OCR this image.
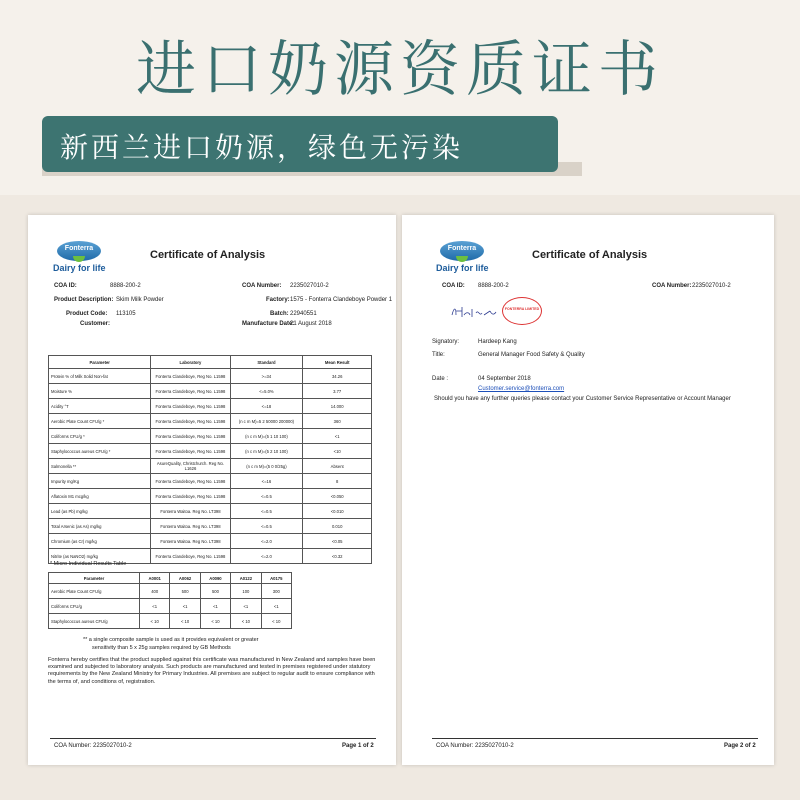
进口奶源资质证书
新西兰进口奶源，绿色无污染
Fonterra
Dairy for life
Certificate of Analysis
COA ID:	8888-200-2	COA Number: 2235027010-2
Product Description: Skim Milk Powder	Factory: 1575 - Fonterra Clandeboye Powder 1
Product Code: 113105	Batch: 22940551
Customer:	Manufacture Date:
21 August 2018
Parameter	Laboratory	Standard	Mean Result
Protein % of Milk Solid Non-fat	Fonterra Clandeboye, Reg No. L1598	>=34	34.26
Moisture %	Fonterra Clandeboye, Reg No. L1598	<=5.0%	3.77
Acidity °T	Fonterra Clandeboye, Reg No. L1598	<=18	14.000
Aerobic Plate Count CFU/g *	Fonterra Clandeboye, Reg No. L1598	(n c m M)=5 2 50000 200000)	360
Coliforms CFU/g *	Fonterra Clandeboye, Reg No. L1598	(n c m M)=(5 1 10 100)	<1
Staphylococcus aureus CFU/g *	Fonterra Clandeboye, Reg No. L1598	(n c m M)=(5 2 10 100)	<10
Salmonella **	AsureQuality, Christchurch. Reg No. L1626	(n c m M)=(5 0 0/25g)	Absent
Impurity mg/Kg	Fonterra Clandeboye, Reg No. L1598	<=16	8
Aflatoxin M1 mcg/kg	Fonterra Clandeboye, Reg No. L1598	<=0.5	<0.050
Lead (as Pb) mg/kg	Fonterra Waitoa. Reg No. LT398	<=0.5	<0.010
Total Arsenic (as As) mg/kg	Fonterra Waitoa. Reg No. LT398	<=0.5	0.010
Chromium (as Cr) mg/kg	Fonterra Waitoa. Reg No. LT398	<=2.0	<0.05
Nitrite (as NaNO2) mg/kg	Fonterra Clandeboye, Reg No. L1598	<=2.0	<0.32
* Micro Individual Results Table
Parameter	A0001	A0062	A0090	A0122	A0175
Aerobic Plate Count CFU/g	400	500	500	100	300
Coliforms CFU/g	<1	<1	<1	<1	<1
Staphylococcus aureus CFU/g	< 10	< 10	< 10	< 10	< 10
** a single composite sample is used as it provides equivalent or greater
sensitivity than 5 x 25g samples required by GB Methods
Fonterra hereby certifies that the product supplied against this certificate was manufactured in New Zealand and samples have been examined and subjected to laboratory analysis. Such products are manufactured and tested in premises registered under statutory requirements by the New Zealand Ministry for Primary Industries. All premises are subject to regular audit to ensure compliance with the terms of, and conditions of, registration.
COA Number: 2235027010-2	Page 1 of 2
Fonterra
Dairy for life
Certificate of Analysis
COA ID: 8888-200-2	COA Number: 2235027010-2
FONTERRA LIMITED
Signatory:	Hardeep Kang
Title:	General Manager Food Safety & Quality
Date :	04 September 2018
Customer.service@fonterra.com
Should you have any further queries please contact your Customer Service Representative or Account Manager
COA Number: 2235027010-2	Page 2 of 2
